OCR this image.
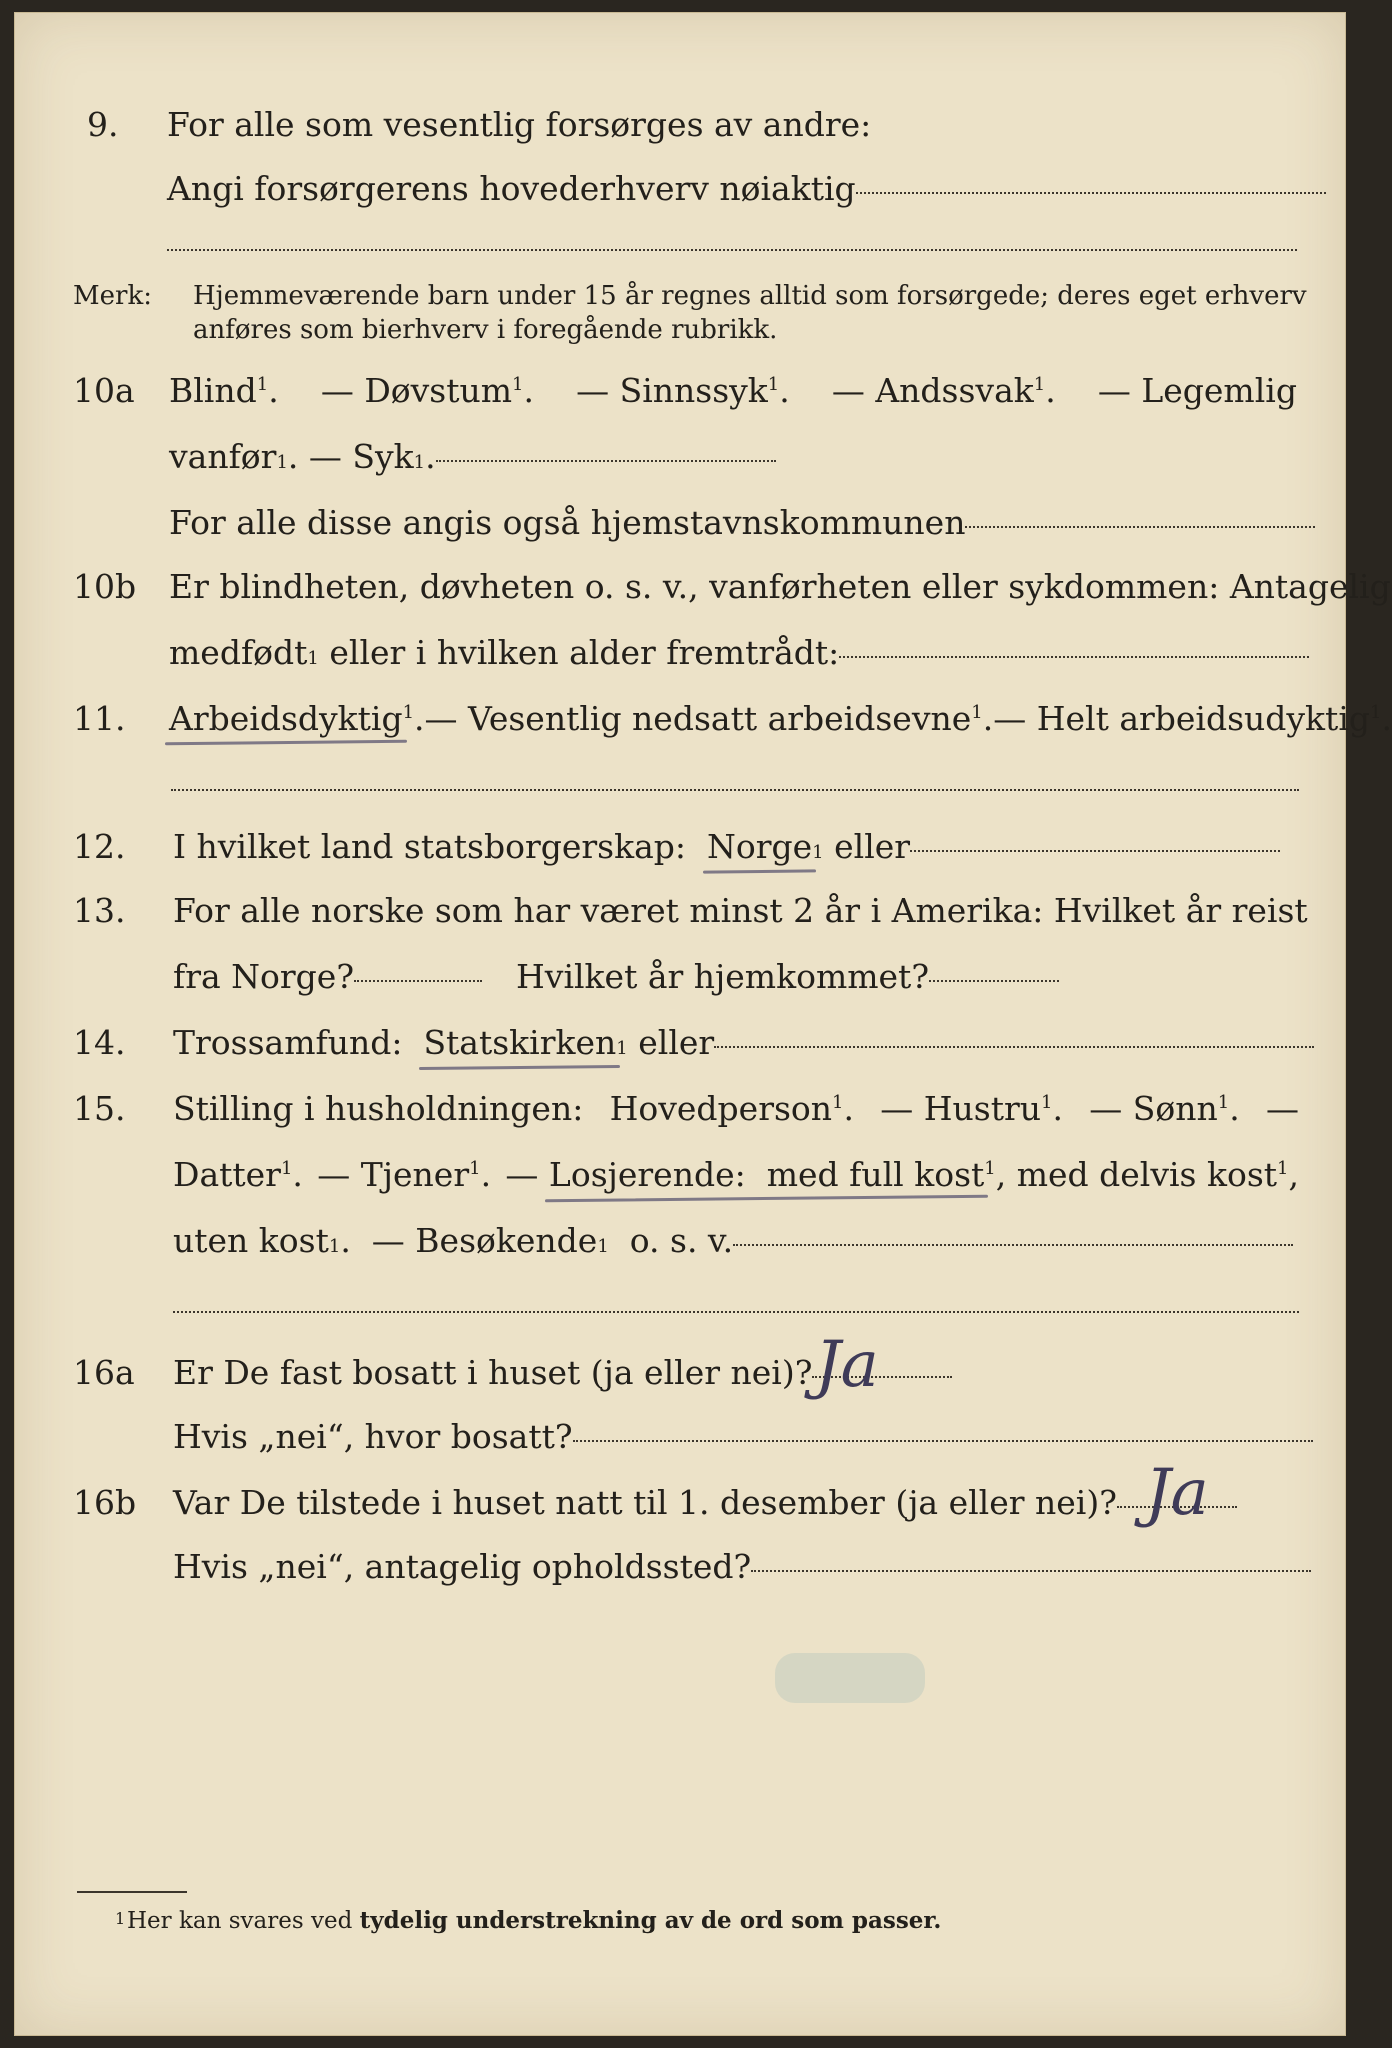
9. For alle som vesentlig forsørges av andre:
Angi forsørgerens hovederhverv nøiaktig
Merk: Hjemmeværende barn under 15 år regnes alltid som forsørgede; deres eget erhverv
anføres som bierhverv i foregående rubrikk.
10a Blind$^1$. — Døvstum$^1$. — Sinnssyk$^1$. — Andssvak$^1$. — Legemlig
vanfør 1 . — Syk 1 .
For alle disse angis også hjemstavnskommunen
10b Er blindheten, døvheten o. s. v., vanførheten eller sykdommen: Antagelig
medfødt 1
eller i hvilken alder fremtrådt:
11. Arbeidsdyktig$^1$. — Vesentlig nedsatt arbeidsevne$^1$. — Helt arbeidsudyktig$^1$.
12. I hvilket land statsborgerskap:
Norge 1
eller
13. For alle norske som har været minst 2 år i Amerika: Hvilket år reist
fra Norge?	Hvilket år hjemkommet?
14. Trossamfund:
Statskirken 1
eller
15. Stilling i husholdningen: Hovedperson$^1$. — Hustru$^1$. — Sønn$^1$. —
Datter$^1$. — Tjener$^1$. — Losjerende: med full kost$^1$, med delvis kost$^1$,
uten kost 1 . — Besøkende 1
o. s. v.
16a Er De fast bosatt i huset (ja eller nei)? Ja
Hvis „nei“, hvor bosatt?
16b Var De tilstede i huset natt til 1. desember (ja eller nei)? Ja
Hvis „nei“, antagelig opholdssted?
1 Her kan svares ved tydelig understrekning av de ord som passer.
